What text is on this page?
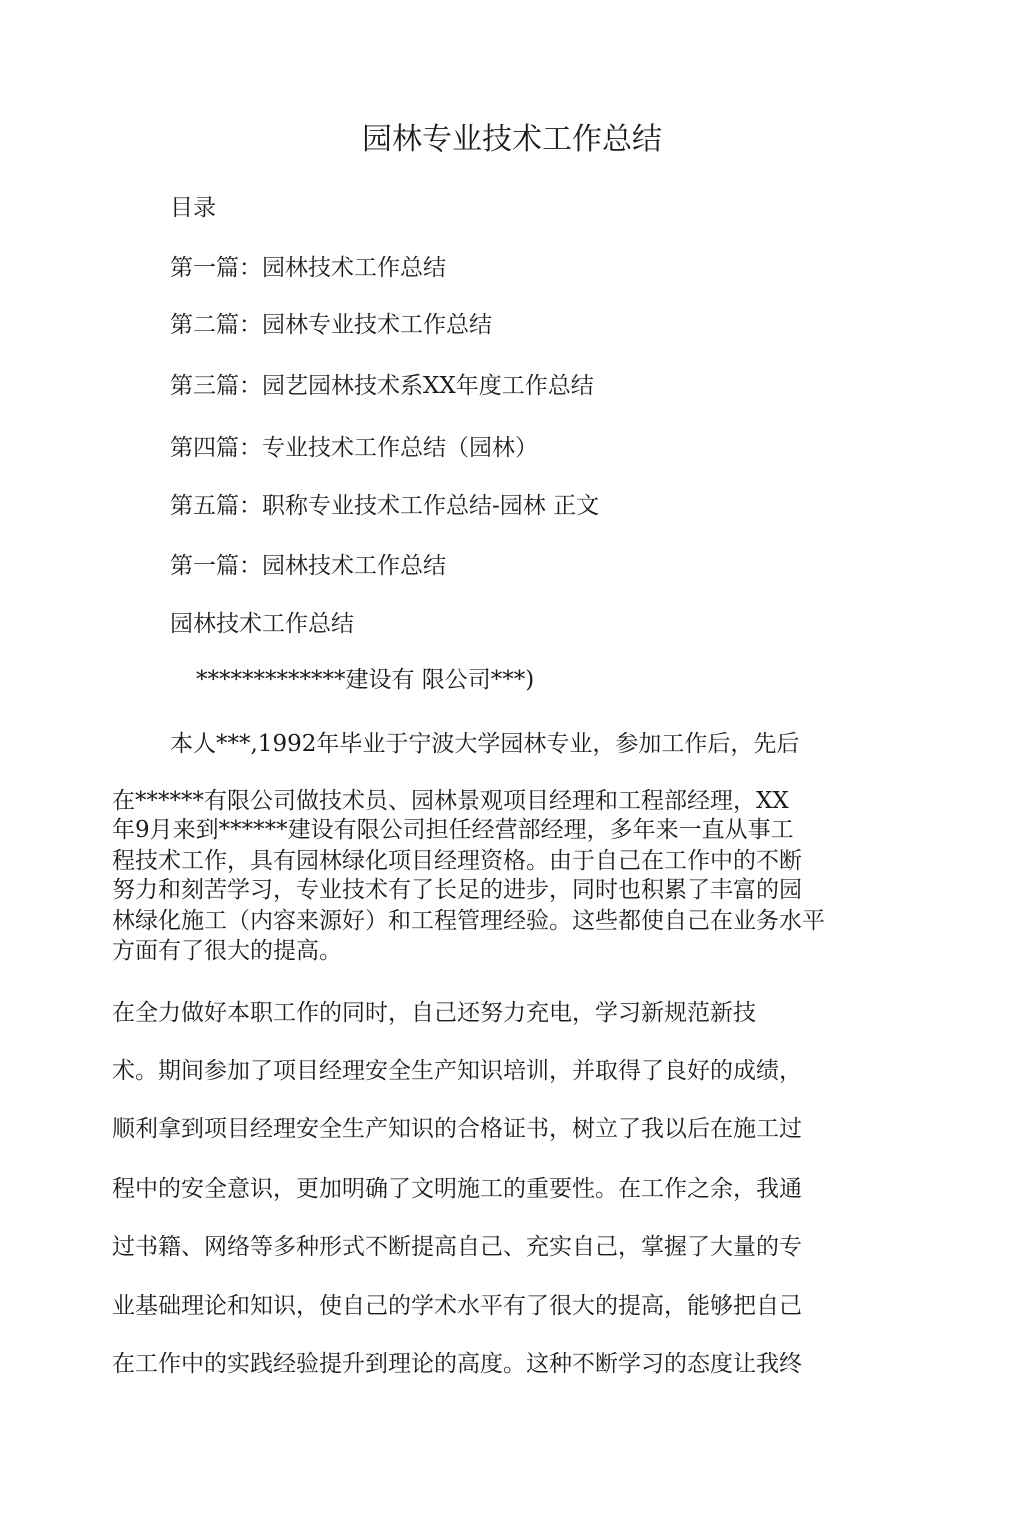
园林专业技术工作总结
目录
第一篇：园林技术工作总结
第二篇：园林专业技术工作总结
第三篇：园艺园林技术系XX年度工作总结
第四篇：专业技术工作总结（园林）
第五篇：职称专业技术工作总结-园林 正文
第一篇：园林技术工作总结
园林技术工作总结
*************建设有 限公司***)
本人***,1992年毕业于宁波大学园林专业，参加工作后，先后
在******有限公司做技术员、园林景观项目经理和工程部经理，XX
年9月来到******建设有限公司担任经营部经理，多年来一直从事工
程技术工作，具有园林绿化项目经理资格。由于自己在工作中的不断
努力和刻苦学习，专业技术有了长足的进步，同时也积累了丰富的园
林绿化施工（内容来源好）和工程管理经验。这些都使自己在业务水平
方面有了很大的提高。
在全力做好本职工作的同时，自己还努力充电，学习新规范新技
术。期间参加了项目经理安全生产知识培训，并取得了良好的成绩，
顺利拿到项目经理安全生产知识的合格证书，树立了我以后在施工过
程中的安全意识，更加明确了文明施工的重要性。在工作之余，我通
过书籍、网络等多种形式不断提高自己、充实自己，掌握了大量的专
业基础理论和知识，使自己的学术水平有了很大的提高，能够把自己
在工作中的实践经验提升到理论的高度。这种不断学习的态度让我终
